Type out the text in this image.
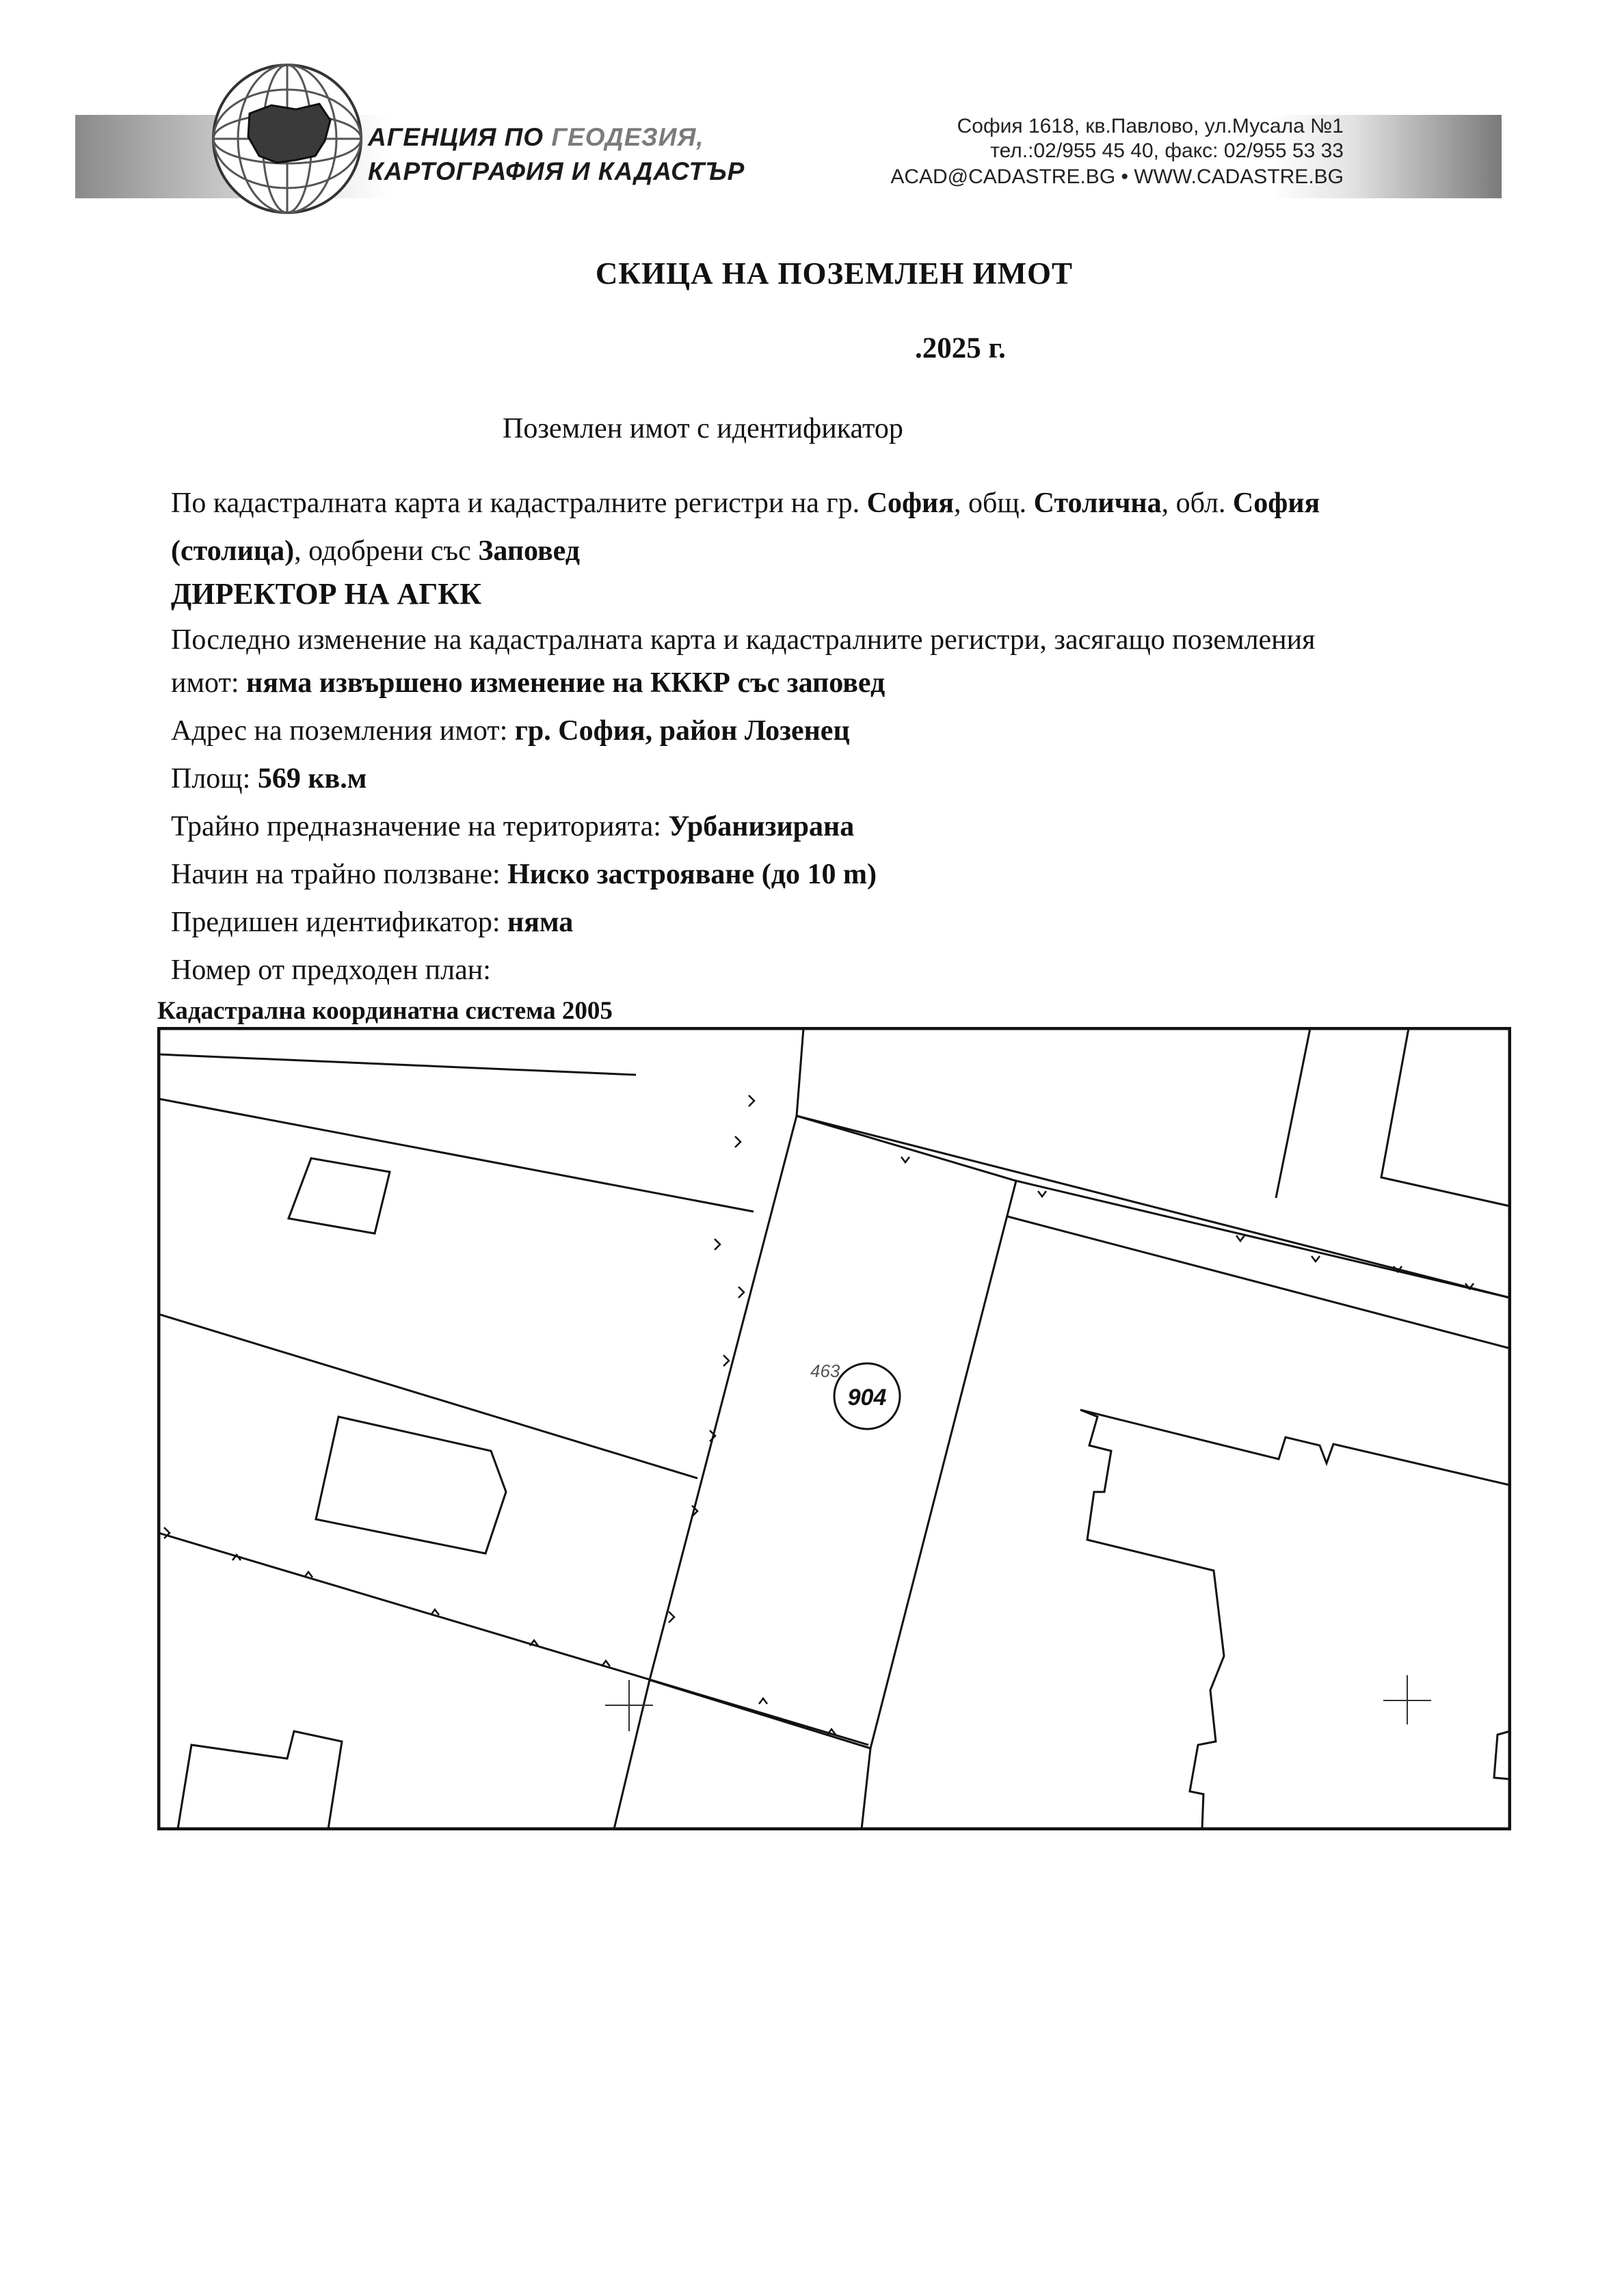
АГЕНЦИЯ ПО ГЕОДЕЗИЯ,
КАРТОГРАФИЯ И КАДАСТЪР
София 1618, кв.Павлово, ул.Мусала №1
тел.:02/955 45 40, факс: 02/955 53 33
ACAD@CADASTRE.BG • WWW.CADASTRE.BG
СКИЦА НА ПОЗЕМЛЕН ИМОТ
.2025 г.
Поземлен имот с идентификатор
По кадастралната карта и кадастралните регистри на гр. София, общ. Столична, обл. София
(столица), одобрени със Заповед
ДИРЕКТОР НА АГКК
Последно изменение на кадастралната карта и кадастралните регистри, засягащо поземления
имот: няма извършено изменение на КККР със заповед
Адрес на поземления имот: гр. София, район Лозенец
Площ: 569 кв.м
Трайно предназначение на територията: Урбанизирана
Начин на трайно ползване: Ниско застрояване (до 10 m)
Предишен идентификатор: няма
Номер от предходен план:
Кадастрална координатна система 2005
463
904
